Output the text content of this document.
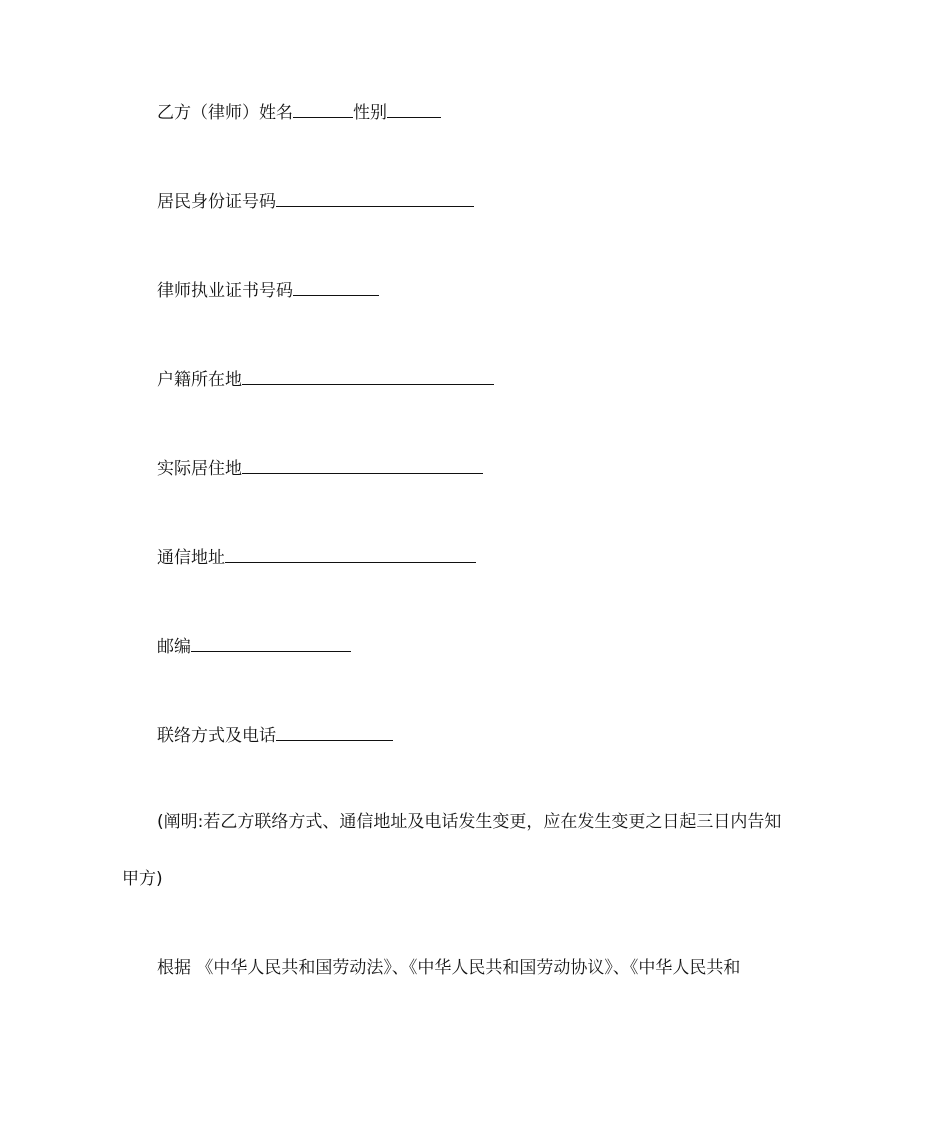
乙方（律师）姓名	性别
居民身份证号码
律师执业证书号码
户籍所在地
实际居住地
通信地址
邮编
联络方式及电话
(阐明:若乙方联络方式、通信地址及电话发生变更，应在发生变更之日起三日内告知
甲方)
根据 《中华人民共和国劳动法》、《中华人民共和国劳动协议》、《中华人民共和
